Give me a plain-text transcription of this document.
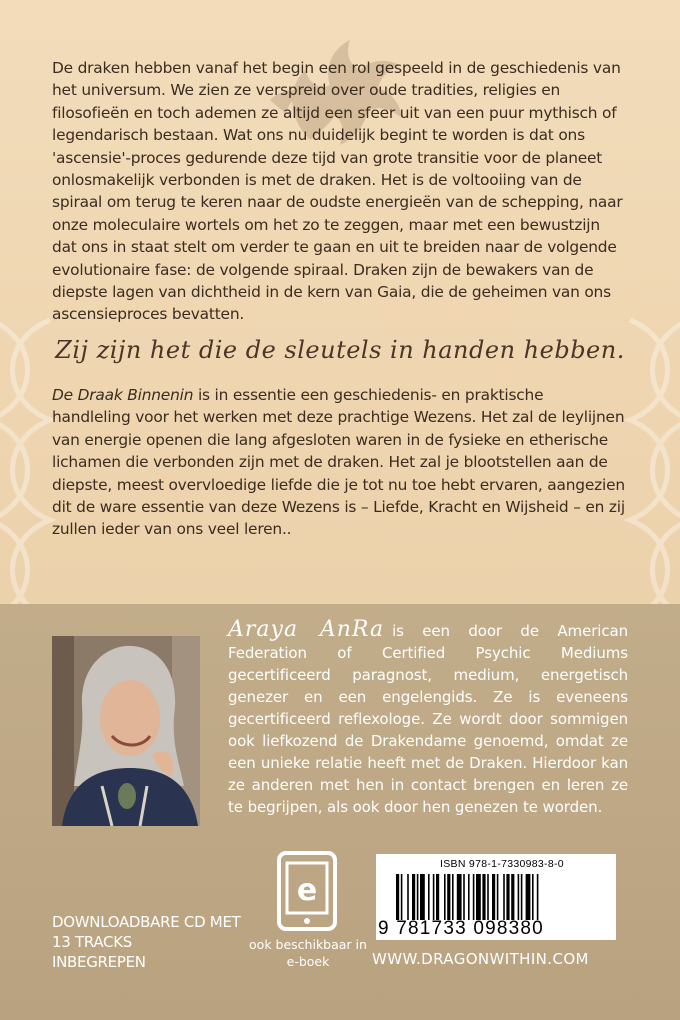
De draken hebben vanaf het begin een rol gespeeld in de geschiedenis van het universum. We zien ze verspreid over oude tradities, religies en filosofieën en toch ademen ze altijd een sfeer uit van een puur mythisch of legendarisch bestaan. Wat ons nu duidelijk begint te worden is dat ons 'ascensie'-proces gedurende deze tijd van grote transitie voor de planeet onlosmakelijk verbonden is met de draken. Het is de voltooiing van de spiraal om terug te keren naar de oudste energieën van de schepping, naar onze moleculaire wortels om het zo te zeggen, maar met een bewustzijn dat ons in staat stelt om verder te gaan en uit te breiden naar de volgende evolutionaire fase: de volgende spiraal. Draken zijn de bewakers van de diepste lagen van dichtheid in de kern van Gaia, die de geheimen van ons ascensieproces bevatten.

Zij zijn het die de sleutels in handen hebben.

De Draak Binnenin is in essentie een geschiedenis- en praktische handleling voor het werken met deze prachtige Wezens. Het zal de leylijnen van energie openen die lang afgesloten waren in de fysieke en etherische lichamen die verbonden zijn met de draken. Het zal je blootstellen aan de diepste, meest overvloedige liefde die je tot nu toe hebt ervaren, aangezien dit de ware essentie van deze Wezens is – Liefde, Kracht en Wijsheid – en zij zullen ieder van ons veel leren..

Araya AnRa is een door de American Federation of Certified Psychic Mediums gecertificeerd paragnost, medium, energetisch genezer en een engelengids. Ze is eveneens gecertificeerd reflexologe. Ze wordt door sommigen ook liefkozend de Drakendame genoemd, omdat ze een unieke relatie heeft met de Draken. Hierdoor kan ze anderen met hen in contact brengen en leren ze te begrijpen, als ook door hen genezen te worden.

DOWNLOADBARE CD MET
13 TRACKS
INBEGREPEN

e

ook beschikbaar in
e-boek

ISBN 978-1-7330983-8-0

9 781733 098380

WWW.DRAGONWITHIN.COM
